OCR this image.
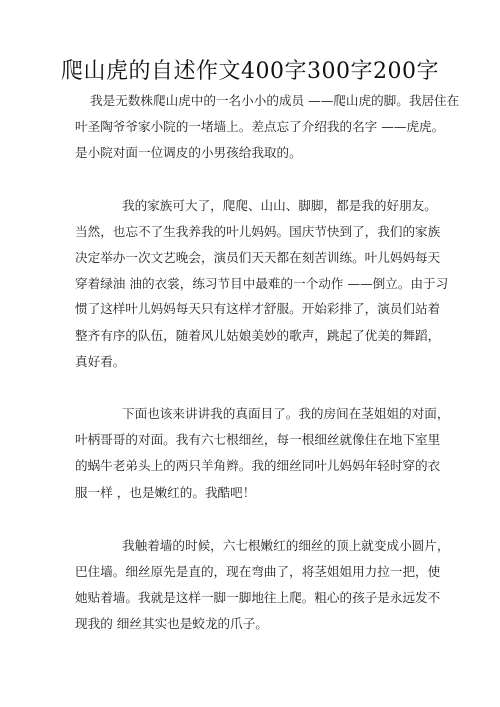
爬山虎的自述作文400字300字200字
我是无数株爬山虎中的一名小小的成员 ——爬山虎的脚。我居住在
叶圣陶爷爷家小院的一堵墙上。差点忘了介绍我的名字 ——虎虎。
是小院对面一位调皮的小男孩给我取的。
我的家族可大了，爬爬、山山、脚脚，都是我的好朋友。
当然，也忘不了生我养我的叶儿妈妈。国庆节快到了，我们的家族
决定举办一次文艺晚会，演员们天天都在刻苦训练。叶儿妈妈每天
穿着绿油 油的衣裳，练习节目中最难的一个动作 ——倒立。由于习
惯了这样叶儿妈妈每天只有这样才舒服。开始彩排了，演员们站着
整齐有序的队伍，随着风儿姑娘美妙的歌声，跳起了优美的舞蹈，
真好看。
下面也该来讲讲我的真面目了。我的房间在茎姐姐的对面，
叶柄哥哥的对面。我有六七根细丝，每一根细丝就像住在地下室里
的蜗牛老弟头上的两只羊角辫。我的细丝同叶儿妈妈年轻时穿的衣
服一样 ，也是嫩红的。我酷吧！
我触着墙的时候，六七根嫩红的细丝的顶上就变成小圆片，
巴住墙。细丝原先是直的，现在弯曲了，将茎姐姐用力拉一把，使
她贴着墙。我就是这样一脚一脚地往上爬。粗心的孩子是永远发不
现我的 细丝其实也是蛟龙的爪子。
